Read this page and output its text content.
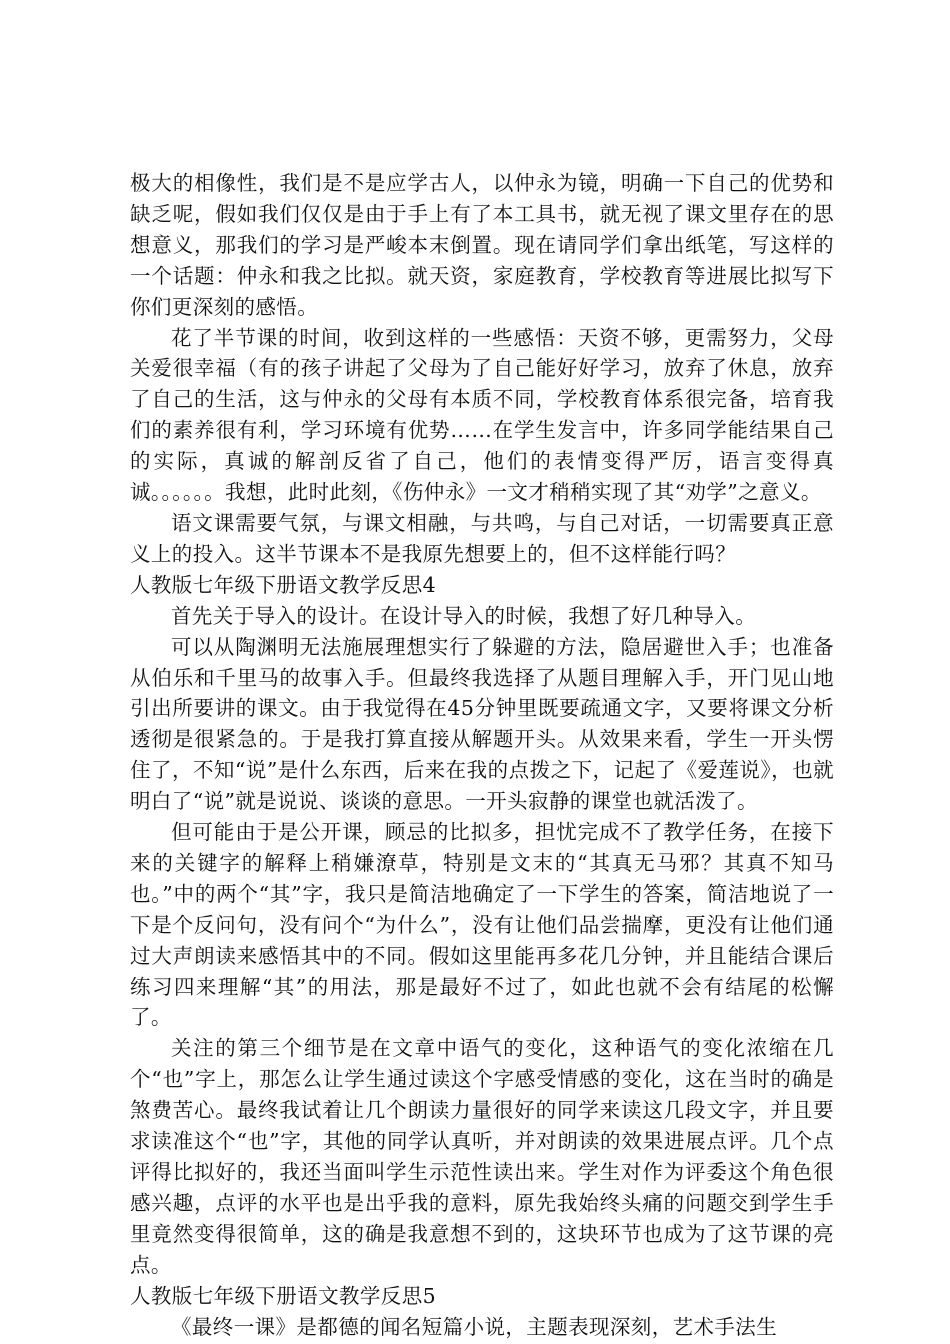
极大的相像性，我们是不是应学古人，以仲永为镜，明确一下自己的优势和缺乏呢，假如我们仅仅是由于手上有了本工具书，就无视了课文里存在的思想意义，那我们的学习是严峻本末倒置。现在请同学们拿出纸笔，写这样的一个话题：仲永和我之比拟。就天资，家庭教育，学校教育等进展比拟写下你们更深刻的感悟。

花了半节课的时间，收到这样的一些感悟：天资不够，更需努力，父母关爱很幸福（有的孩子讲起了父母为了自己能好好学习，放弃了休息，放弃了自己的生活，这与仲永的父母有本质不同，学校教育体系很完备，培育我们的素养很有利，学习环境有优势……在学生发言中，许多同学能结果自己的实际，真诚的解剖反省了自己，他们的表情变得严厉，语言变得真诚。。。。。。我想，此时此刻，《伤仲永》一文才稍稍实现了其“劝学”之意义。

语文课需要气氛，与课文相融，与共鸣，与自己对话，一切需要真正意义上的投入。这半节课本不是我原先想要上的，但不这样能行吗？

人教版七年级下册语文教学反思4

首先关于导入的设计。在设计导入的时候，我想了好几种导入。

可以从陶渊明无法施展理想实行了躲避的方法，隐居避世入手；也准备从伯乐和千里马的故事入手。但最终我选择了从题目理解入手，开门见山地引出所要讲的课文。由于我觉得在45分钟里既要疏通文字，又要将课文分析透彻是很紧急的。于是我打算直接从解题开头。从效果来看，学生一开头愣住了，不知“说”是什么东西，后来在我的点拨之下，记起了《爱莲说》，也就明白了“说”就是说说、谈谈的意思。一开头寂静的课堂也就活泼了。

但可能由于是公开课，顾忌的比拟多，担忧完成不了教学任务，在接下来的关键字的解释上稍嫌潦草，特别是文末的“其真无马邪？其真不知马也。”中的两个“其”字，我只是简洁地确定了一下学生的答案，简洁地说了一下是个反问句，没有问个“为什么”，没有让他们品尝揣摩，更没有让他们通过大声朗读来感悟其中的不同。假如这里能再多花几分钟，并且能结合课后练习四来理解“其”的用法，那是最好不过了，如此也就不会有结尾的松懈了。

关注的第三个细节是在文章中语气的变化，这种语气的变化浓缩在几个“也”字上，那怎么让学生通过读这个字感受情感的变化，这在当时的确是煞费苦心。最终我试着让几个朗读力量很好的同学来读这几段文字，并且要求读准这个“也”字，其他的同学认真听，并对朗读的效果进展点评。几个点评得比拟好的，我还当面叫学生示范性读出来。学生对作为评委这个角色很感兴趣，点评的水平也是出乎我的意料，原先我始终头痛的问题交到学生手里竟然变得很简单，这的确是我意想不到的，这块环节也成为了这节课的亮点。

人教版七年级下册语文教学反思5

《最终一课》是都德的闻名短篇小说，主题表现深刻，艺术手法生
